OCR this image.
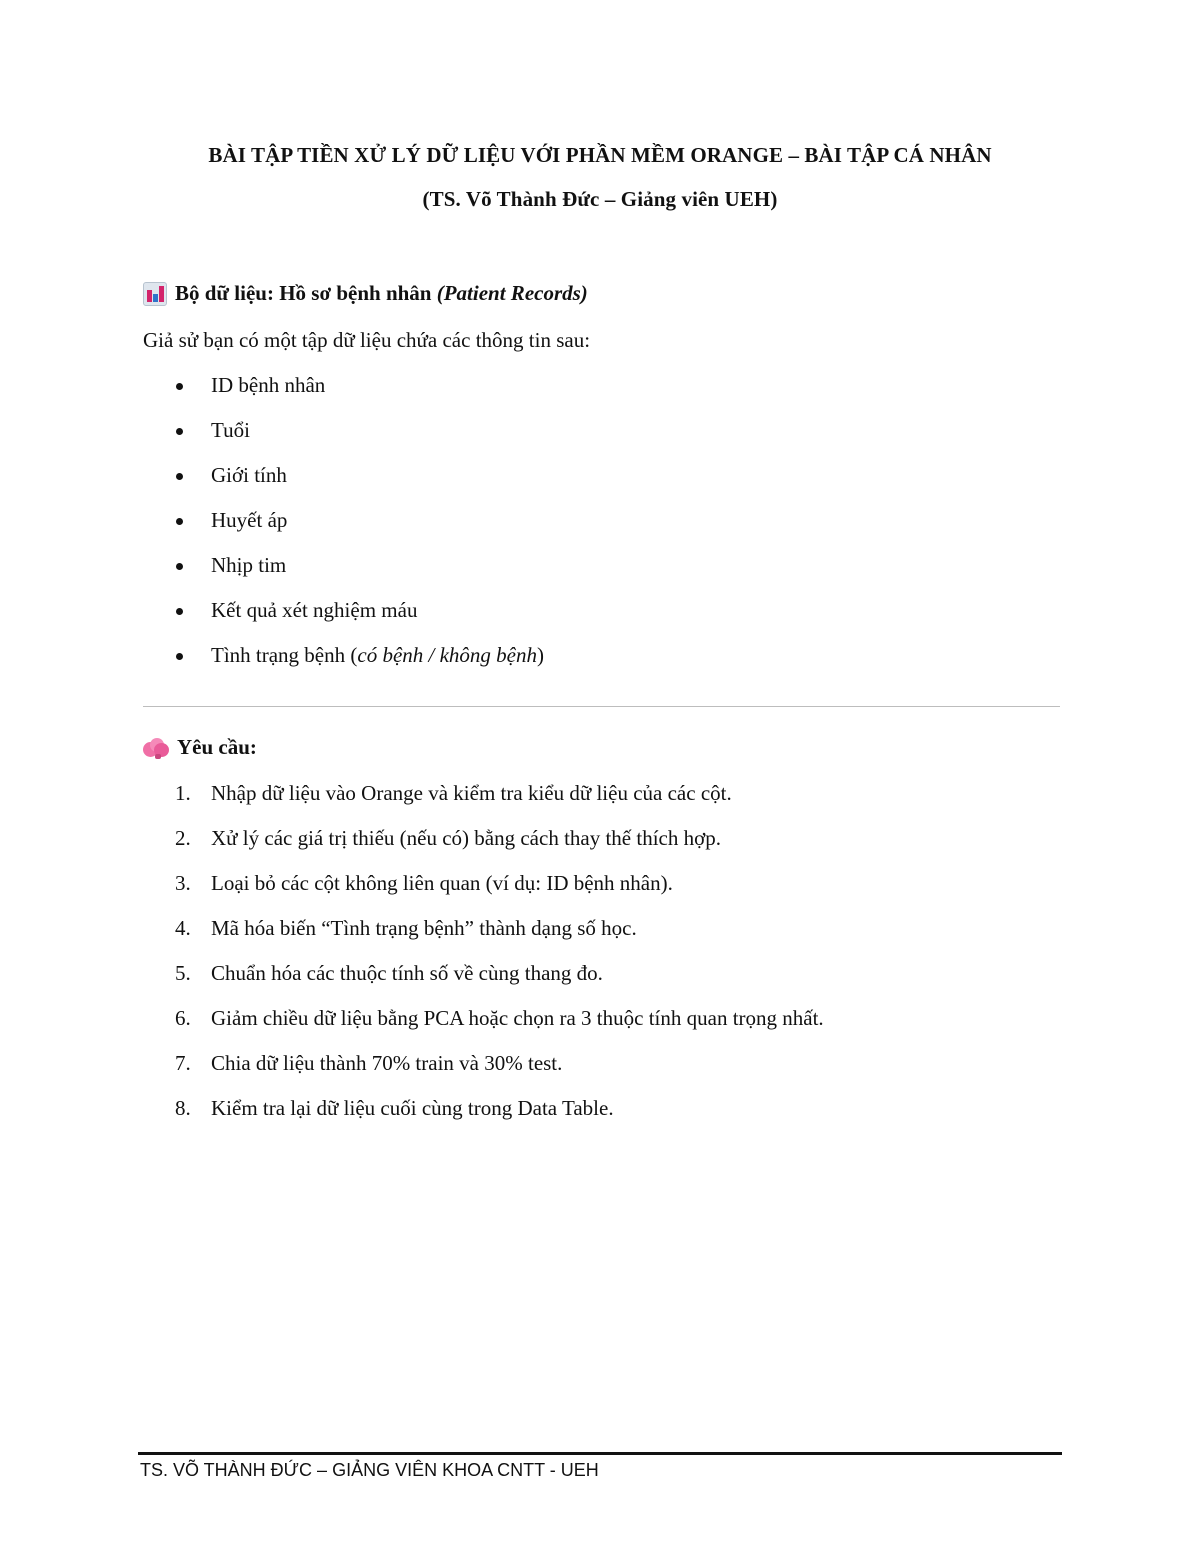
BÀI TẬP TIỀN XỬ LÝ DỮ LIỆU VỚI PHẦN MỀM ORANGE – BÀI TẬP CÁ NHÂN
(TS. Võ Thành Đức – Giảng viên UEH)
Bộ dữ liệu: Hồ sơ bệnh nhân (Patient Records)
Giả sử bạn có một tập dữ liệu chứa các thông tin sau:
ID bệnh nhân
Tuổi
Giới tính
Huyết áp
Nhịp tim
Kết quả xét nghiệm máu
Tình trạng bệnh (có bệnh / không bệnh)
Yêu cầu:
1. Nhập dữ liệu vào Orange và kiểm tra kiểu dữ liệu của các cột.
2. Xử lý các giá trị thiếu (nếu có) bằng cách thay thế thích hợp.
3. Loại bỏ các cột không liên quan (ví dụ: ID bệnh nhân).
4. Mã hóa biến “Tình trạng bệnh” thành dạng số học.
5. Chuẩn hóa các thuộc tính số về cùng thang đo.
6. Giảm chiều dữ liệu bằng PCA hoặc chọn ra 3 thuộc tính quan trọng nhất.
7. Chia dữ liệu thành 70% train và 30% test.
8. Kiểm tra lại dữ liệu cuối cùng trong Data Table.
TS. VÕ THÀNH ĐỨC – GIẢNG VIÊN KHOA CNTT - UEH
